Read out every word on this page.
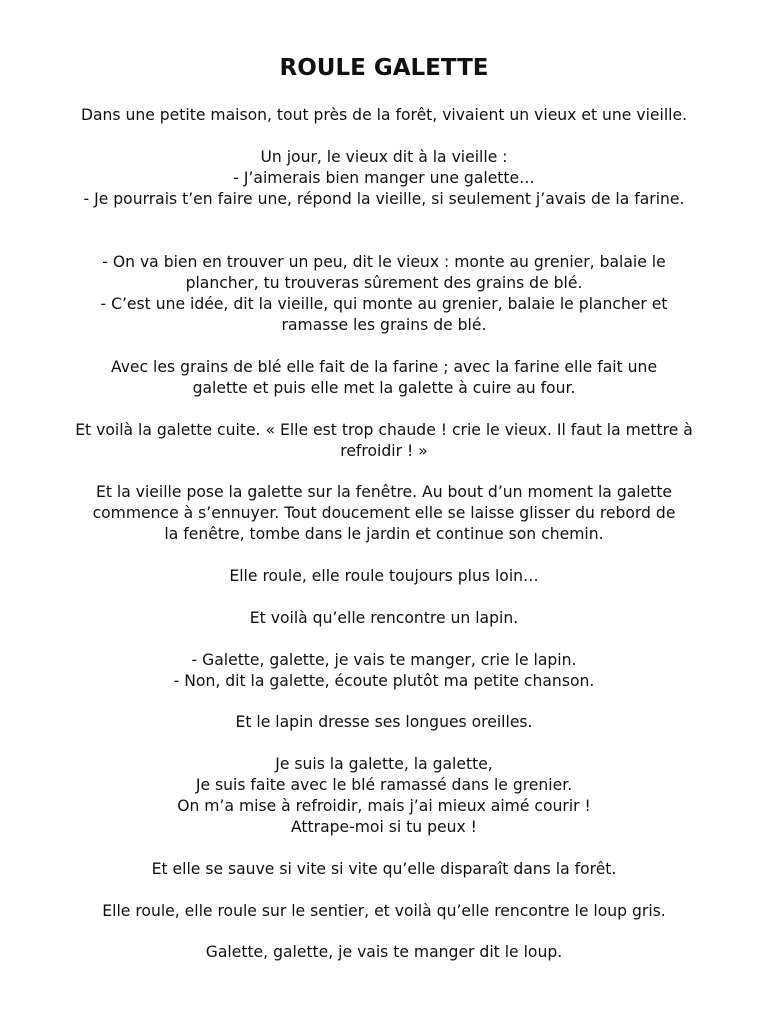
ROULE GALETTE

Dans une petite maison, tout près de la forêt, vivaient un vieux et une vieille.

Un jour, le vieux dit à la vieille :

- J’aimerais bien manger une galette…

- Je pourrais t’en faire une, répond la vieille, si seulement j’avais de la farine.

- On va bien en trouver un peu, dit le vieux : monte au grenier, balaie le

plancher, tu trouveras sûrement des grains de blé.

- C’est une idée, dit la vieille, qui monte au grenier, balaie le plancher et

ramasse les grains de blé.

Avec les grains de blé elle fait de la farine ; avec la farine elle fait une

galette et puis elle met la galette à cuire au four.

Et voilà la galette cuite. « Elle est trop chaude ! crie le vieux. Il faut la mettre à

refroidir ! »

Et la vieille pose la galette sur la fenêtre. Au bout d’un moment la galette

commence à s’ennuyer. Tout doucement elle se laisse glisser du rebord de

la fenêtre, tombe dans le jardin et continue son chemin.

Elle roule, elle roule toujours plus loin…

Et voilà qu’elle rencontre un lapin.

- Galette, galette, je vais te manger, crie le lapin.

- Non, dit la galette, écoute plutôt ma petite chanson.

Et le lapin dresse ses longues oreilles.

Je suis la galette, la galette,

Je suis faite avec le blé ramassé dans le grenier.

On m’a mise à refroidir, mais j’ai mieux aimé courir !

Attrape-moi si tu peux !

Et elle se sauve si vite si vite qu’elle disparaît dans la forêt.

Elle roule, elle roule sur le sentier, et voilà qu’elle rencontre le loup gris.

Galette, galette, je vais te manger dit le loup.
